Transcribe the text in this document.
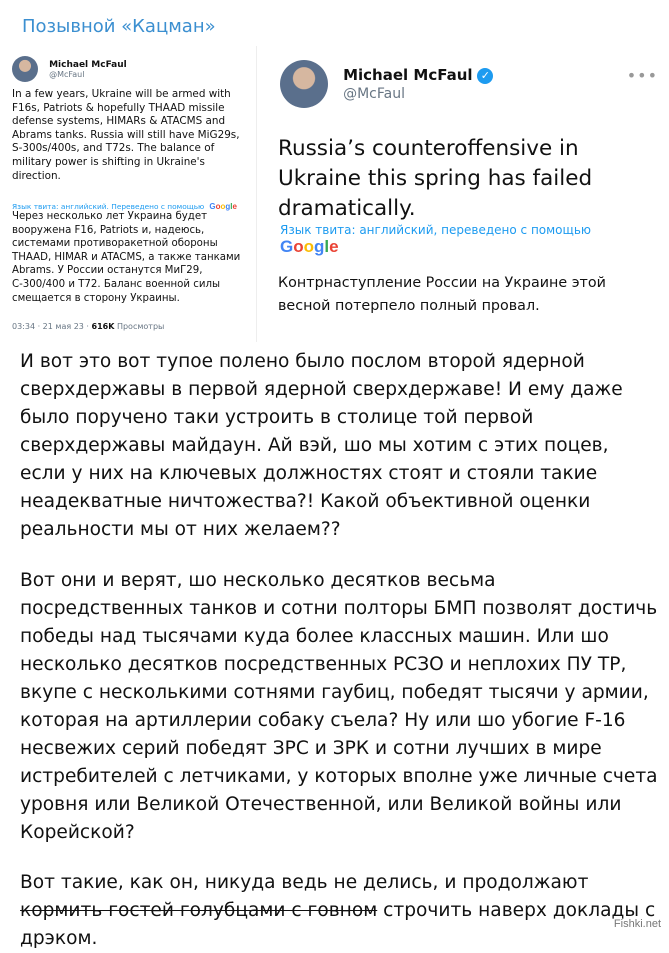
Позывной «Кацман»

Michael McFaul
@McFaul
In a few years, Ukraine will be armed with F16s, Patriots & hopefully THAAD missile defense systems, HIMARs & ATACMS and Abrams tanks. Russia will still have MiG29s, S-300s/400s, and T72s. The balance of military power is shifting in Ukraine's direction.
Язык твита: английский. Переведено с помощью Google
Через несколько лет Украина будет вооружена F16, Patriots и, надеюсь, системами противоракетной обороны THAAD, HIMAR и ATACMS, а также танками Abrams. У России останутся МиГ29, С-300/400 и Т72. Баланс военной силы смещается в сторону Украины.
03:34 · 21 мая 23 · 616K Просмотры
•••

Michael McFaul ✓
@McFaul
Russia’s counteroffensive in Ukraine this spring has failed dramatically.
Язык твита: английский, переведено с помощью
Google
Контрнаступление России на Украине этой весной потерпело полный провал.
И вот это вот тупое полено было послом второй ядерной сверхдержавы в первой ядерной сверхдержаве! И ему даже было поручено таки устроить в столице той первой сверхдержавы майдаун. Ай вэй, шо мы хотим с этих поцев, если у них на ключевых должностях стоят и стояли такие неадекватные ничтожества?! Какой объективной оценки реальности мы от них желаем??
Вот они и верят, шо несколько десятков весьма посредственных танков и сотни полторы БМП позволят достичь победы над тысячами куда более классных машин. Или шо несколько десятков посредственных РСЗО и неплохих ПУ ТР, вкупе с несколькими сотнями гаубиц, победят тысячи у армии, которая на артиллерии собаку съела? Ну или шо убогие F-16 несвежих серий победят ЗРС и ЗРК и сотни лучших в мире истребителей с летчиками, у которых вполне уже личные счета уровня или Великой Отечественной, или Великой войны или Корейской?
Вот такие, как он, никуда ведь не делись, и продолжают кормить гостей голубцами с говном строчить наверх доклады с дрэком.
Fishki.net
